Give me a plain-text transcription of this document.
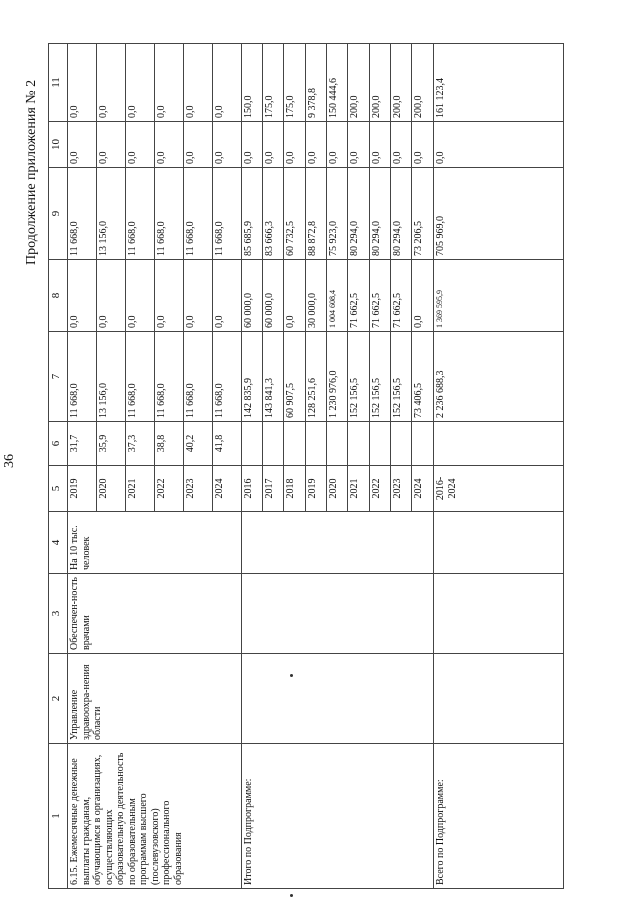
36
Продолжение приложения № 2
1	2	3	4	5	6	7	8	9	10	11
6.15. Ежемесячные денежные выплаты гражданам, обучающимся в организациях, осуществляющих образовательную деятельность по образовательным программам высшего (послевузовского) профессионального образования	Управление здравоохра-нения области	Обеспечен-ность врачами	На 10 тыс. человек	2019	31,7	11 668,0	0,0	11 668,0	0,0	0,0
				2020	35,9	13 156,0	0,0	13 156,0	0,0	0,0
				2021	37,3	11 668,0	0,0	11 668,0	0,0	0,0
				2022	38,8	11 668,0	0,0	11 668,0	0,0	0,0
				2023	40,2	11 668,0	0,0	11 668,0	0,0	0,0
				2024	41,8	11 668,0	0,0	11 668,0	0,0	0,0
Итого по Подпрограмме:				2016		142 835,9	60 000,0	85 685,9	0,0	150,0
				2017		143 841,3	60 000,0	83 666,3	0,0	175,0
				2018		60 907,5	0,0	60 732,5	0,0	175,0
				2019		128 251,6	30 000,0	88 872,8	0,0	9 378,8
				2020		1 230 976,0	1 004 608,4	75 923,0	0,0	150 444,6
				2021		152 156,5	71 662,5	80 294,0	0,0	200,0
				2022		152 156,5	71 662,5	80 294,0	0,0	200,0
				2023		152 156,5	71 662,5	80 294,0	0,0	200,0
				2024		73 406,5	0,0	73 206,5	0,0	200,0
Всего по Подпрограмме:				2016-2024		2 236 688,3	1 369 595,9	705 969,0	0,0	161 123,4
